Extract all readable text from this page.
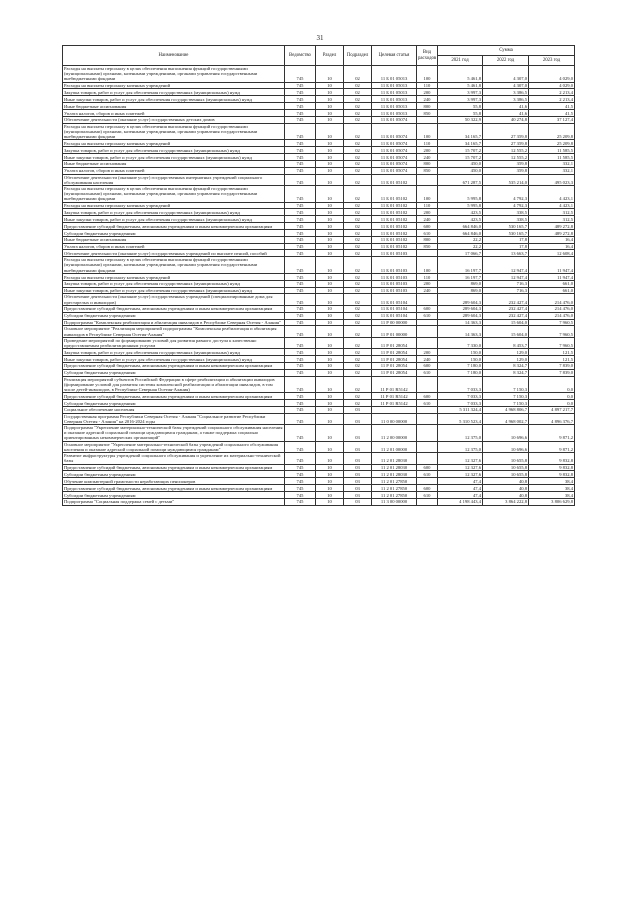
31
Наименование	Ведомство	Раздел	Подраздел	Целевая статья	Вид расходов	Сумма		
						2021 год	2022 год	2023 год
Расходы на выплаты персоналу в целях обеспечения выполнения функций государственными (муниципальными) органами, казенными учреждениями, органами управления государственными внебюджетными фондами	745	10	02	11 Б 01 05013	100	5 461,8	4 307,0	4 029,0
Расходы на выплаты персоналу казенных учреждений	745	10	02	11 Б 01 05013	110	5 461,8	4 307,0	4 029,0
Закупка товаров, работ и услуг для обеспечения государственных (муниципальных) нужд	745	10	02	11 Б 01 05013	200	3 997,3	3 386,5	2 213,4
Иные закупки товаров, работ и услуг для обеспечения государственных (муниципальных) нужд	745	10	02	11 Б 01 05013	240	3 997,3	3 386,5	2 213,4
Иные бюджетные ассигнования	745	10	02	11 Б 01 05013	800	55,8	41,6	41,5
Уплата налогов, сборов и иных платежей	745	10	02	11 Б 01 05013	850	55,8	41,6	41,5
Обеспечение деятельности (оказание услуг) государственных детских домов	745	10	02	11 Б 01 05074		50 322,9	40 274,8	37 127,4
Расходы на выплаты персоналу в целях обеспечения выполнения функций государственными (муниципальными) органами, казенными учреждениями, органами управления государственными внебюджетными фондами	745	10	02	11 Б 01 05074	100	34 165,7	27 359,8	25 209,8
Расходы на выплаты персоналу казенных учреждений	745	10	02	11 Б 01 05074	110	34 165,7	27 359,8	25 209,8
Закупка товаров, работ и услуг для обеспечения государственных (муниципальных) нужд	745	10	02	11 Б 01 05074	200	15 707,2	12 555,2	11 585,5
Иные закупки товаров, работ и услуг для обеспечения государственных (муниципальных) нужд	745	10	02	11 Б 01 05074	240	15 707,2	12 555,2	11 585,5
Иные бюджетные ассигнования	745	10	02	11 Б 01 05074	800	450,0	359,8	332,1
Уплата налогов, сборов и иных платежей	745	10	02	11 Б 01 05074	850	450,0	359,8	332,1
Обеспечение деятельности (оказание услуг) государственных интернатных учреждений социального обслуживания населения	745	10	02	11 Б 01 05102		671 287,5	535 214,0	495 023,3
Расходы на выплаты персоналу в целях обеспечения выполнения функций государственными (муниципальными) органами, казенными учреждениями, органами управления государственными внебюджетными фондами	745	10	02	11 Б 01 05102	100	5 995,8	4 792,3	4 423,1
Расходы на выплаты персоналу казенных учреждений	745	10	02	11 Б 01 05102	110	5 995,8	4 792,3	4 423,1
Закупка товаров, работ и услуг для обеспечения государственных (муниципальных) нужд	745	10	02	11 Б 01 05102	200	423,5	338,5	312,5
Иные закупки товаров, работ и услуг для обеспечения государственных (муниципальных) нужд	745	10	02	11 Б 01 05102	240	423,5	338,5	312,5
Предоставление субсидий бюджетным, автономным учреждениям и иным некоммерческим организациям	745	10	02	11 Б 01 05102	600	664 846,0	530 165,7	489 272,8
Субсидии бюджетным учреждениям	745	10	02	11 Б 01 05102	610	664 846,0	530 165,7	489 272,8
Иные бюджетные ассигнования	745	10	02	11 Б 01 05102	800	22,2	17,8	16,4
Уплата налогов, сборов и иных платежей	745	10	02	11 Б 01 05102	850	22,2	17,8	16,4
Обеспечение деятельности (оказание услуг) государственных учреждений по выплате пенсий, пособий	745	10	02	11 Б 01 05103		17 066,7	13 663,7	12 608,4
Расходы на выплаты персоналу в целях обеспечения выполнения функций государственными (муниципальными) органами, казенными учреждениями, органами управления государственными внебюджетными фондами	745	10	02	11 Б 01 05103	100	16 197,7	12 947,4	11 947,4
Расходы на выплаты персоналу казенных учреждений	745	10	02	11 Б 01 05103	110	16 197,7	12 947,4	11 947,4
Закупка товаров, работ и услуг для обеспечения государственных (муниципальных) нужд	745	10	02	11 Б 01 05103	200	869,0	716,3	661,0
Иные закупки товаров, работ и услуг для обеспечения государственных (муниципальных) нужд	745	10	02	11 Б 01 05103	240	869,0	716,3	661,0
Обеспечение деятельности (оказание услуг) государственных учреждений (специализированные дома для престарелых и инвалидов)	745	10	02	11 Б 01 05104		289 604,3	232 427,4	214 476,0
Предоставление субсидий бюджетным, автономным учреждениям и иным некоммерческим организациям	745	10	02	11 Б 01 05104	600	289 604,3	232 427,4	214 476,0
Субсидии бюджетным учреждениям	745	10	02	11 Б 01 05104	610	289 604,3	232 427,4	214 476,0
Подпрограмма "Комплексная реабилитация и абилитация инвалидов в Республике Северная Осетия - Алания"	745	10	02	11 Р 00 00000		14 363,3	15 604,0	7 960,5
Основное мероприятие "Реализация мероприятий подпрограммы "Комплексная реабилитация и абилитация инвалидов в Республике Северная Осетия-Алания"	745	10	02	11 Р 01 00000		14 363,3	15 604,0	7 960,5
Проведение мероприятий по формированию условий для развития равного доступа к качественно предоставляемым реабилитационным услугам	745	10	02	11 Р 01 28054		7 330,0	8 453,7	7 960,5
Закупка товаров, работ и услуг для обеспечения государственных (муниципальных) нужд	745	10	02	11 Р 01 28054	200	150,0	129,0	121,5
Иные закупки товаров, работ и услуг для обеспечения государственных (муниципальных) нужд	745	10	02	11 Р 01 28054	240	150,0	129,0	121,5
Предоставление субсидий бюджетным, автономным учреждениям и иным некоммерческим организациям	745	10	02	11 Р 01 28054	600	7 180,0	8 324,7	7 839,0
Субсидии бюджетным учреждениям	745	10	02	11 Р 01 28054	610	7 180,0	8 324,7	7 839,0
Реализация мероприятий субъектов Российской Федерации в сфере реабилитации и абилитации инвалидов (формирование условий для развития системы комплексной реабилитации и абилитации инвалидов, в том числе детей-инвалидов, в Республике Северная Осетия-Алания)	745	10	02	11 Р 01 R5142		7 033,3	7 150,3	0,0
Предоставление субсидий бюджетным, автономным учреждениям и иным некоммерческим организациям	745	10	02	11 Р 01 R5142	600	7 033,3	7 150,3	0,0
Субсидии бюджетным учреждениям	745	10	02	11 Р 01 R5142	610	7 033,3	7 150,3	0,0
Социальное обеспечение населения	745	10	03			5 311 324,4	4 968 806,7	4 897 217,7
Государственная программа Республики Северная Осетия - Алания "Социальное развитие Республики Северная Осетия - Алания" на 2016-2024 годы	745	10	03	11 0 00 00000		5 310 523,4	4 968 002,7	4 896 376,7
Подпрограмма "Укрепление материально-технической базы учреждений социального обслуживания населения и оказание адресной социальной помощи нуждающимся гражданам, а также поддержка социально ориентированных некоммерческих организаций"	745	10	03	11 2 00 00000		12 375,0	10 696,6	9 871,2
Основное мероприятие "Укрепление материально-технической базы учреждений социального обслуживания населения и оказание адресной социальной помощи нуждающимся гражданам"	745	10	03	11 2 01 00000		12 375,0	10 696,6	9 871,2
Развитие инфраструктуры учреждений социального обслуживания и укрепление их материально-технической базы	745	10	03	11 2 01 28030		12 327,6	10 655,8	9 832,8
Предоставление субсидий бюджетным, автономным учреждениям и иным некоммерческим организациям	745	10	03	11 2 01 28030	600	12 327,6	10 655,8	9 832,8
Субсидии бюджетным учреждениям	745	10	03	11 2 01 28030	610	12 327,6	10 655,8	9 832,8
Обучение компьютерной грамотности неработающих пенсионеров	745	10	03	11 2 01 27850		47,4	40,8	38,4
Предоставление субсидий бюджетным, автономным учреждениям и иным некоммерческим организациям	745	10	03	11 2 01 27850	600	47,4	40,8	38,4
Субсидии бюджетным учреждениям	745	10	03	11 2 01 27850	610	47,4	40,8	38,4
Подпрограмма "Социальная поддержка семей с детьми"	745	10	03	11 3 00 00000		4 198 443,4	3 864 222,8	3 806 629,8
